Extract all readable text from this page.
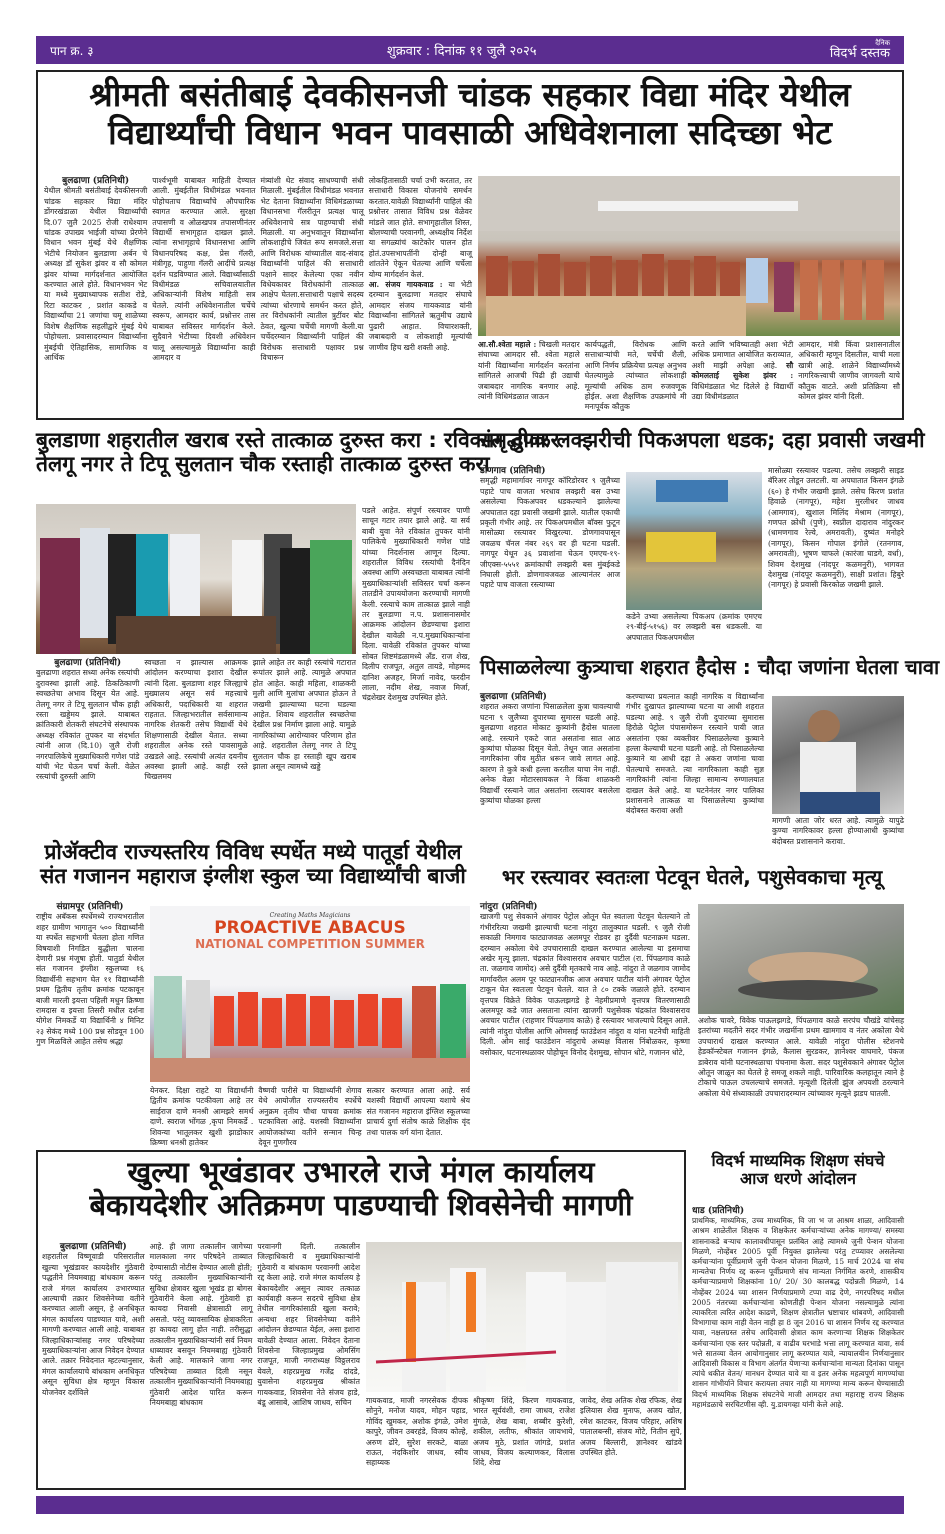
पान क्र. ३	शुक्रवार : दिनांक ११ जुलै २०२५
दैनिक
विदर्भ दस्तक
श्रीमती बसंतीबाई देवकीसनजी चांडक सहकार विद्या मंदिर येथील
विद्यार्थ्यांची विधान भवन पावसाळी अधिवेशनाला सदिच्छा भेट
बुलढाणा (प्रतिनिधी)
येथील श्रीमती बसंतीबाई देवकीसनजी चांडक सहकार विद्या मंदिर डोंगरखंडाळा येथील विद्यार्थ्यांची दि.07 जुलै 2025 रोजी राधेश्याम चांडक उपाख्य भाईजी यांच्या प्रेरणेने विधान भवन मुंबई येथे शैक्षणिक भेटीचे नियोजन बुलडाणा अर्बन चे अध्यक्ष डॉ सुकेश झंवर व सौ कोमल झंवर यांच्या मार्गदर्शनात आयोजित करण्यात आले होते. विधानभवन भेट या मध्ये मुख्याध्यापक सतीश रोडे, रिटा काटकर , प्रशांत काकडे व विद्यार्थ्यांचा 21 जणांचा चमू शाळेच्या विशेष शैक्षणिक सहलीद्वारे मुंबई येथे पोहोचला. प्रवासादरम्यान विद्यार्थ्यांना मुंबईची ऐतिहासिक, सामाजिक व आर्थिक
पार्श्वभूमी याबाबत माहिती देण्यात आली. मुंबईतील विधीमंडळ भवनात पोहोचताच विद्यार्थ्यांचे औपचारिक स्वागत करण्यात आले. सुरक्षा तपासणी व ओळखपत्र तपासणीनंतर विद्यार्थी सभागृहात दाखल झाले. त्यांना सभागृहाचे विधानसभा आणि विधानपरिषद कक्ष, प्रेस गॅलरी, मंत्रीगृह, पाहुणा गॅलरी आदींचे प्रत्यक्ष दर्शन घडविण्यात आले. विद्यार्थ्यांसाठी विधीमंडळ सचिवालयातील अधिकाऱ्यांनी विशेष माहिती सत्र घेतले. त्यांनी अधिवेशनातील चर्चेचे स्वरूप, आमदार कार्य, प्रश्नोत्तर तास याबाबत सविस्तर मार्गदर्शन केले. सुदैवाने भेटीच्या दिवशी अधिवेशन चालू असल्यामुळे विद्यार्थ्यांना काही आमदार व
मंत्र्यांशी थेट संवाद साधण्याची संधी मिळाली. मुंबईतील विधीमंडळ भवनात भेट देताना विद्यार्थ्यांना विधिमंडळाच्या विधानसभा गॅलरीतून प्रत्यक्ष चालू अधिवेशनाचे सत्र पाहण्याची संधी मिळाली. या अनुभवातून विद्यार्थ्यांना लोकशाहीचे जिवंत रूप समजले.सत्ता आणि विरोधक यांच्यातील वाद-संवाद विद्यार्थ्यांनी पाहिलं की सत्ताधारी पक्षाने सादर केलेल्या एका नवीन विधेयकावर विरोधकांनी तात्काळ आक्षेप घेतला.सत्ताधारी पक्षाचे सदस्य त्यांच्या धोरणाचे समर्थन करत होते, तर विरोधकांनी त्यातील त्रुटींवर बोट ठेवत, खुल्या चर्चेची मागणी केली.या चर्चेदरम्यान विद्यार्थ्यांनी पाहिलं की विरोधक सत्ताधारी पक्षावर प्रश्न विचारून
लोकहितासाठी चर्चा उभी करतात, तर सत्ताधारी विकास योजनांचे समर्थन करतात.यावेळी विद्यार्थ्यांनी पाहिलं की प्रश्नोत्तर तासात विविध प्रश्न वेळेवर मांडले जात होते. सभागृहातील शिस्त, बोलण्याची परवानगी, अध्यक्षीय निर्देश या सगळ्यांचं काटेकोर पालन होत होतं.उपसभापतींनी दोन्ही बाजू शांततेने ऐकून घेतल्या आणि चर्चेला योग्य मार्गदर्शन केलं.
आ. संजय गायकवाड : या भेटी दरम्यान बुलढाणा मतदार संघाचे आमदार संजय गायकवाड यांनी विद्यार्थ्यांना सांगितले ऋतुमीच उद्याचे पुढारी आहात. विचारशक्ती, जबाबदारी व लोकशाही मूल्यांची जाणीव हिच खरी शक्ती आहे.	आ.सौ.श्वेता महाले : चिखली मतदार संघाच्या आमदार सौ. श्वेता महाले यांनी विद्यार्थ्यांना मार्गदर्शन करतांना सांगितले आजची पिढी ही उद्याची जबाबदार नागरिक बनणार आहे. त्यांनी विधिमंडळात जाऊन
कार्यपद्धती, विरोधक आणि सत्ताधाऱ्यांची मते, चर्चेची शैली, आणि निर्णय प्रक्रियेचा प्रत्यक्ष अनुभव घेतल्यामुळे त्यांच्यात लोकशाही मूल्यांची अधिक ठाम रुजवणूक होईल. अशा शैक्षणिक उपक्रमांचे मी मनःपूर्वक कौतुक
करते आणि भविष्यातही अशा भेटी अधिक प्रमाणात आयोजित कराव्यात, अशी माझी अपेक्षा आहे. सौ कोमलताई सुकेश झंवर : विधिमंडळात भेट दिलेले हे विद्यार्थी उद्या विधीमंडळात
आमदार, मंत्री किंवा प्रशासनातील अधिकारी म्हणून दिसतील, याची मला खात्री आहे. शाळेने विद्यार्थ्यांमध्ये नागरिकत्त्वाची जाणीव जागवली याचे कौतुक वाटते. अशी प्रतिक्रिया सौ कोमल झंवर यांनी दिली.
बुलडाणा शहरातील खराब रस्ते तात्काळ दुरुस्त करा : रविकांत तुपकर
तेलगू नगर ते टिपू सुलतान चौक रस्ताही तात्काळ दुरुस्त करा
पडले आहेत. संपूर्ण रस्त्यावर पाणी साचून गटार तयार झाले आहे. या सर्व बाबी युवा नेते रविकांत तुपकर यांनी पालिकेचे मुख्याधिकारी गणेश पांडे यांच्या निदर्शनास आणून दिल्या. शहरातील विविध रस्त्यांची दैनंदिन अवस्था आणि अस्वच्छता याबाबत त्यांनी मुख्याधिकाऱ्यांशी सविस्तर चर्चा करून तातडीने उपाययोजना करण्याची मागणी केली. रस्त्याचे काम तात्काळ झाले नाही तर बुलडाणा न.प. प्रशासनासमोर आक्रमक आंदोलन छेडण्याचा इशारा देखील यावेळी न.प.मुख्याधिकाऱ्यांना दिला. यावेळी रविकांत तुपकर यांच्या सोबत शिष्टमंडळामध्ये अँड. राज शेख, दिलीप राजपूत, अतुल तायडे, मोहम्मद दानिश अजहर, मिर्जा नावेद, फरदीन लाला, नदीम शेख, नवाज मिर्जा, चंद्रशेखर देशमुख उपस्थित होते.
बुलढाणा (प्रतिनिधी)
बुलढाणा शहरात सध्या अनेक रस्त्यांची दुरावस्था झाली आहे. ठिकठिकाणी स्वच्छतेचा अभाव दिसून येत आहे. तेलगू नगर ते टिपू सुलतान चौक हाही रस्ता खड्डेमय झाले. याबाबत क्रांतिकारी शेतकरी संघटनेचे संस्थापक अध्यक्ष रविकांत तुपकर या संदर्भात त्यांनी आज (दि.10) जुलै रोजी नगरपालिकेचे मुख्याधिकारी गणेश पांडे यांची भेट घेऊन चर्चा केली. वेळेत रस्त्यांची दुरुस्ती आणि
स्वच्छता न झाल्यास आक्रमक आंदोलन करण्याचा इशारा देखील त्यांनी दिला. बुलडाणा शहर जिल्ह्याचे मुख्यालय असून सर्व महत्त्वाचे अधिकारी, पदाधिकारी या शहरात राहतात. जिल्हाभरातील सर्वसामान्य नागरिक शेतकरी तसेच विद्यार्थी येथे शिक्षणासाठी देखील येतात. सध्या शहरातील अनेक रस्ते पावसामुळे उखडले आहे. रस्त्यांची अत्यंत दयनीय अवस्था झाली आहे. काही रस्ते चिखलमय
झाले आहेत तर काही रस्त्यांचे गटारात रूपांतर झाले आहे. त्यामुळे अपघात होत आहेत. काही महिला, शाळकरी मुली आणि मुलांचा अपघात होऊन ते जखमी झाल्याच्या घटना घडल्या आहेत. शिवाय शहरातील स्वच्छतेचा देखील प्रश्न निर्माण झाला आहे. यामुळे नागरिकांच्या आरोग्यावर परिणाम होत आहे. शहरातील तेलगू नगर ते टिपू सुलतान चौक हा रस्ताही खूप खराब झाला असून त्यामध्ये खड्डे
समृद्धीवर लक्झरीची पिकअपला धडक; दहा प्रवासी जखमी
डोणगाव (प्रतिनिधी)
समृद्धी महामार्गावर नागपूर कॉरिडोरवर ९ जुलैच्या पहाटे पाच वाजता भरधाव लक्झरी बस उभ्या असलेल्या पिकअपवर धडकल्याने झालेल्या अपघातात दहा प्रवासी जखमी झाले. यातील एकाची प्रकृती गंभीर आहे. तर पिकअपमधील बॉक्स फुटून मासोळ्या रस्त्यावर विखुरल्या. डोणगावपासून जवळच चॅनल नंबर २६९ वर ही घटना घडली. नागपूर येथून ३६ प्रवाशांना घेऊन एमएच-१९-जीएक्स-५५५१ क्रमांकाची लक्झरी बस मुंबईकडे निघाली होती. डोणगावजवळ आल्यानंतर आज पहाटे पाच वाजता रस्त्याच्या
कडेने उभ्या असलेल्या पिकअप (क्रमांक एमएच २९-बीई-५१५६) वर लक्झरी बस धडकली. या अपघातात पिकअपमधील
मासोळ्या रस्त्यावर पडल्या. तसेच लक्झरी साइड बॅरिअर तोडून उलटली. या अपघातात किसन इंगळे (६०) हे गंभीर जखमी झाले. तसेच किरण प्रशांत हिवाळे (नागपूर), महेश मुरलीधर जाधव (आमगाव), खुशाल मिलिंद मेश्राम (नागपूर), गणपत क्रोधी (पुणे), स्वप्नील दादाराव नांदुरकर (धामणगाव रेल्वे, अमरावती), दुष्यंत मनोहरे (नागपूर), किसन गोपाल इंगोले (रतनगाव, अमरावती), भूषण चाफले (कारंजा घाडगे, वर्धा), शिवम देशमुख (नांदपूर कळमनुरी), भागवत देशमुख (नांदपूर कळमनुरी), साक्षी प्रशांत। हिबुरे (नागपूर) हे प्रवासी किरकोळ जखमी झाले.
पिसाळलेल्या कुत्र्याचा शहरात हैदोस : चौदा जणांना घेतला चावा
बुलढाणा (प्रतिनिधी)
शहरात अकरा जणांना पिसाळलेला कुत्रा चावल्याची घटना ९ जुलैच्या दुपारच्या सुमारस घडली आहे. बुलढाणा शहरात मोकाट कुत्र्यांनी हैदोस घातला आहे. रस्त्याने एकटे जात असतांना सात आठ कुत्र्यांचा घोळका दिसून येतो. तेथून जात असतांना नागरिकांना जीव मुठीत धरून जावे लागत आहे. कारण ते कुत्रे कधी हल्ला करतील याचा नेम नाही. अनेक वेळा मोटारसायकल ने किंवा शाळकरी विद्यार्थी रस्त्याने जात असतांना रस्त्यावर बसलेला कुत्र्यांचा घोळका हल्ला
करण्याच्या प्रयत्नात काही नागरिक व विद्यार्थ्यांना गंभीर दुखापत झाल्याच्या घटना या आधी शहरात घडल्या आहे. ९ जुलै रोजी दुपारच्या सुमारास हिरोळे पेट्रोल पंपासमोरून रस्त्याने पायी जात असतांना एका व्यक्तीवर पिसाळलेल्या कुत्र्याने हल्ला केल्याची घटना घडली आहे. तो पिसाळलेल्या कुत्र्याने या आधी दहा ते अकरा जणांना चावा घेतल्याचे समजते. त्या नागरिकाला काही सुज्ञ नागरिकांनी त्यांना जिल्हा सामान्य रुग्णालयात दाखल केले आहे. या घटनेनंतर नगर पालिका प्रशासनाने तात्कळ या पिसाळलेल्या कुत्र्यांचा बंदोबस्त करावा अशी
मागणी आता जोर धरत आहे. त्यामुळे यापुढे कुण्या नागरिकावर हल्ला होण्याआधी कुत्र्यांचा बंदोबस्त प्रशासनाने करावा.
प्रोॲक्टीव राज्यस्तरिय विविध स्पर्धेत मध्ये पातूर्डा येथील
संत गजानन महाराज इंग्लीश स्कुल च्या विद्यार्थ्यांची बाजी
संग्रामपूर (प्रतिनिधी)
राष्ट्रीय अबॅकस स्पर्धेमध्ये राज्यभरातील शहर ग्रामीण भागातुन ५०० विद्यार्थ्यांनी या स्पर्धेत सहभागी घेतला होता गणित विषयाशी निगडित बुद्धीला चालना देणारी प्रश्न मंजूषा होती. पातुर्डा येथील संत गजानन इंग्लीश स्कुलच्या १६ विद्यार्थीनी सहभाग घेत ११ विद्यार्थ्यांनी प्रथम द्वितीय तृतीय क्रमांक पटकावून बाजी मारली इयत्ता पहिली मधुन क्रिष्णा रामदास व इयत्ता तिसरी मधील दर्शना योगेश निमकर्डे या विद्यार्थिनी ४ मिनिट २३ सेकंद मध्ये 100 प्रश्न सोडवून 100 गुण मिळविले आहेत तसेच श्रद्धा
Creating Maths Magicians
PROACTIVE ABACUS
NATIONAL COMPETITION SUMMER
येनकर. दिक्षा राहटे या विद्यार्थांनी द्वितीय क्रमांक पटकीवला आहे तर साईराज दाणे मनश्री आमझरे समर्थ दाणे. स्वराज भोंगळ ,कृपा निमकर्डे . शिवन्या भातूलकर खुशी झाडोकार क्रिष्णा धनश्री हातेकर
वैष्णवी पारीसे या विद्यार्थ्यांनी शेगाव येथे आयोजीत राज्यस्तरीय स्पर्धेचे अनुक्रम तृतीय चौथा पाचवा क्रमांक पटकाविला आहे. यशस्वी विद्यार्थ्यांना आयोजकांच्या वतीने सन्मान चिन्ह देवून गुणगौरव
सत्कार करण्यात आला आहे. सर्व यशस्वी विद्यार्थी आपल्या यशाचे श्रेय संत गजानन महाराज इंग्लिश स्कूलच्या प्राचार्य दुर्गा संतोष काळे शिक्षीक वृंद तथा पालक वर्ग यांना देतात.
भर रस्त्यावर स्वतःला पेटवून घेतले, पशुसेवकाचा मृत्यू
नांदुरा (प्रतिनिधी)
खाजगी पशु सेवकाने अंगावर पेट्रोल ओतून घेत स्वतःला पेटवून घेतल्याने तो गंभीररित्या जखमी झाल्याची घटना नांदुरा तालुक्यात घडली. ९ जुलै रोजी सकाळी निमगाव फाट्याजवळ अलमपूर रोडवर हा दुर्दैवी घटनाक्रम घडला. दरम्यान अकोला येथे उपचारासाठी दाखल करण्यात आलेल्या या इसमाचा अखेर मृत्यू झाला. चंद्रकांत विश्वासराव अवचार पाटील (रा. पिंपळगाव काळे ता. जळगाव जामोद) असे दुर्दैवी मृतकाचे नाव आहे. नांदुरा ते जळगाव जामोद मार्गावरील अलम पूर फाट्यानजीक आज अवचार पाटील यांनी अंगावर पेट्रोल टाकून घेत स्वतःला पेटवून घेतले. यात ते ८० टक्के जळाले होते. दरम्यान वृत्तपत्र विक्रेते विवेक पाऊलझगडे हे नेहमीप्रमाणे वृत्तपत्र वितरणासाठी अलमपूर कडे जात असताना त्यांना खाजगी पशुसेवक चंद्रकांत विश्वासराव अवचार पाटील (राहणार पिंपळगाव काळे) हे रस्त्यावर भाजल्याचे दिसून आले. त्यांनी नांदुरा पोलीस आणि ओमसाई फाउंडेशन नांदुरा व यांना घटनेची माहिती दिली. ओम साई फाउंडेशन नांदुराचे अध्यक्ष विलास निंबोळकर, कृष्णा वसोकार, घटनास्थळावर पोहोचून विनोद देशमुख, सोपान धोटे, गजानन धोटे,
अशोक चावरे, विवेक पाऊलझगडे, पिंपळगाव काळे सरपंच चौखंडे यांचेसह इतरांच्या मदतीने सदर गंभीर जखमींना प्रथम खामगाव व नंतर अकोला येथे उपचारार्थ दाखल करण्यात आले. यावेळी नांदुरा पोलीस स्टेशनचे हेडकॉन्स्टेबल गजानन इंगळे, कैलास सुरडकर, ज्ञानेश्वर वाघमारे, पंकज डाबेराव यांनी घटनास्थळाचा पंचनामा केला. सदर पशुसेवकाने अंगावर पेट्रोल ओतून जाळून का घेतले हे समजू शकले नाही. पारिवारिक कलहातून त्याने हे टोकाचे पाऊल उचलल्याचे समजते. मृत्यूशी दिलेली झुंज अपयशी ठरल्याने अकोला येथे संध्याकाळी उपचारादरम्यान त्यांच्यावर मृत्यूने झडप घातली.
खुल्या भूखंडावर उभारले राजे मंगल कार्यालय
बेकायदेशीर अतिक्रमण पाडण्याची शिवसेनेची मागणी
बुलढाणा (प्रतिनिधी)
शहरातील विष्णूवाडी परिसरातील खुल्या भूखंडावर कायदेशीर गुंठेवारी पद्धतीने नियमबाह्य बांधकाम करून राजे मंगल कार्यालय उभारण्यात आल्याची तक्रार शिवसेनेच्या वतीने करण्यात आली असून, हे अनधिकृत मंगल कार्यालय पाडण्यात यावे, अशी मागणी करण्यात आली आहे. याबाबत जिल्हाधिकाऱ्यांसह नगर परिषदेच्या मुख्याधिकाऱ्यांना आज निवेदन देण्यात आले. तक्रार निवेदनात म्हटल्यानुसार, मंगल कार्यालयाचे बांधकाम अनधिकृत असून सुविधा क्षेत्र म्हणून विकास योजनेवर दर्शविले
आहे. ही जागा तत्कालीन जागेच्या मालकाला नगर परिषदेने ताब्यात देण्यासाठी नोटीस देण्यात आली होती; परंतु तत्कालीन मुख्याधिकाऱ्यांनी सुविधा क्षेत्रावर खुला भूखंड हा बोगस गुंठेवारीने केला आहे. गुंठेवारी हा कायदा निवासी क्षेत्रासाठी लागू असतो. परंतु व्यावसायिक क्षेत्राकरिता हा कायदा लागू होत नाही. तरीसुद्धा तत्कालीन मुख्याधिकाऱ्यांनी सर्व नियम धाब्यावर बसवून नियमबाह्य गुंठेवारी केली आहे. मालकाने जागा नगर परिषदेच्या ताब्यात दिली नसून तत्कालीन मुख्याधिकाऱ्यांनी नियमबाह्य गुंठेवारी आदेश पारित करून नियमबाह्य बांधकाम
परवानगी दिली. तत्कालीन जिल्हाधिकारी व मुख्याधिकाऱ्यांनी गुंठेवारी व बांधकाम परवानगी आदेश रद्द केला आहे. राजे मंगल कार्यालय हे बेकायदेशीर असून त्यावर तत्काळ कार्यवाही करून सदरचे सुविधा क्षेत्र तेथील नागरिकांसाठी खुला करावे; अन्यथा शहर शिवसेनेच्या वतीने आंदोलन छेडण्यात येईल, असा इशारा यावेळी देण्यात आला. निवेदन देताना शिवसेना जिल्हाप्रमुख ओमसिंग राजपूत, माजी नगराध्यक्ष विठ्ठलराव येवले, शहरप्रमुख गजेंद्र दांदडे, युवासेना शहरप्रमुख श्रीकांत गायकवाड, शिवसेना नेते संजय हाडे, बंडू आसाबे, आशिष जाधव, सचिन	गायकवाड, माजी नगरसेवक दीपक सोनुने, मनोज यादव, मोहन पहाड, गोविंद खुमकर, अशोक इंगळे, उमेश कापुरे, जीवन उबरहंडे, विजय कोल्हे, अरुण ढोरे, सुरेश सरकटे, बाळा राऊत, नंदकिशोर जाधव, स्वीय सहाय्यक
श्रीकृष्ण शिंदे, किरण गायकवाड, भारत सूर्यवंशी, रामा जाधव, राजेश मुंगळे, शेख बाबा, शब्बीर कुरेशी, शकील, लतीफ, श्रीकांत जायभाये, अजय मुठे, प्रशांत जांगडे, प्रशांत जाधव, विजय कल्याणकर, विलास शिंदे, शेख
जावेद, शेख अतिक शेख रफिक, शेख इलियास शेख मुनाफ, अजय खोत, रमेश काटकर, विजय परिहार, अशिष पातालबन्सी, संजय मोटे, नितीन सुपे, अजय बिल्लारी, ज्ञानेश्वर खांडवे उपस्थित होते.
विदर्भ माध्यमिक शिक्षण संघचे
आज धरणे आंदोलन
धाड (प्रतिनिधी)
प्राथमिक, माध्यमिक, उच्च माध्यमिक, वि जा भ ज आश्रम शाळा, आदिवासी आश्रम शाळेतील शिक्षक व शिक्षकेतर कर्मचाऱ्यांच्या अनेक मागण्या/ समस्या शासनाकडे बऱ्याच कालावधीपासून प्रलंबित आहे त्यामध्ये जुनी पेन्शन योजना मिळणे, नोव्हेंबर 2005 पूर्वी नियुक्त झालेल्या परंतु टप्प्यावर असलेल्या कर्मचाऱ्यांना पूर्वीप्रमाणे जुनी पेन्शन योजना मिळणे, 15 मार्च 2024 चा संच मान्यतेचा निर्णय रद्द करून पूर्वीप्रमाणे संच मान्यता निर्गमित करणे, शासकीय कर्मचाऱ्याप्रमाणे शिक्षकांना 10/ 20/ 30 कालबद्ध पदोन्नती मिळणे, 14 नोव्हेंबर 2024 च्या शासन निर्णयाप्रमाणे टप्पा वाढ देणे, नगरपरिषद मधील 2005 नंतरच्या कर्मचाऱ्यांना कोणतीही पेन्शन योजना नसल्यामुळे त्यांना त्याकरिता त्वरित आदेश काढणे, शिक्षण क्षेत्रातील भ्रष्टाचार थांबवणे, आदिवासी विभागाचा काम नाही वेतन नाही हा 8 जून 2016 चा शासन निर्णय रद्द करण्यात यावा, नक्षलग्रस्त तसेच आदिवासी क्षेत्रात काम करणाऱ्या शिक्षक शिक्षकेतर कर्मचाऱ्यांना एक स्तर पदोन्नती, व वाढीव घरभाडे भत्ता लागू करण्यात यावा, सर्व भत्ते सातव्या वेतन आयोगानुसार लागू करण्यात यावे, न्यायालयीन निर्णयानुसार आदिवासी विकास व विभाग अंतर्गत येणाऱ्या कर्मचाऱ्यांना मान्यता दिनांका पासून त्यांचे थकीत वेतन/ मानधन देण्यात यावे या व इतर अनेक महत्वपूर्ण मागण्यांचा शासन गांभीर्याने विचार करायला तयार नाही या मागण्या मान्य करून घेण्यासाठी विदर्भ माध्यमिक शिक्षक संघटनेचे माजी आमदार तथा महाराष्ट्र राज्य शिक्षक महामंडळाचे सरचिटणीस व्ही. यु.डायगव्हा यांनी केले आहे.
